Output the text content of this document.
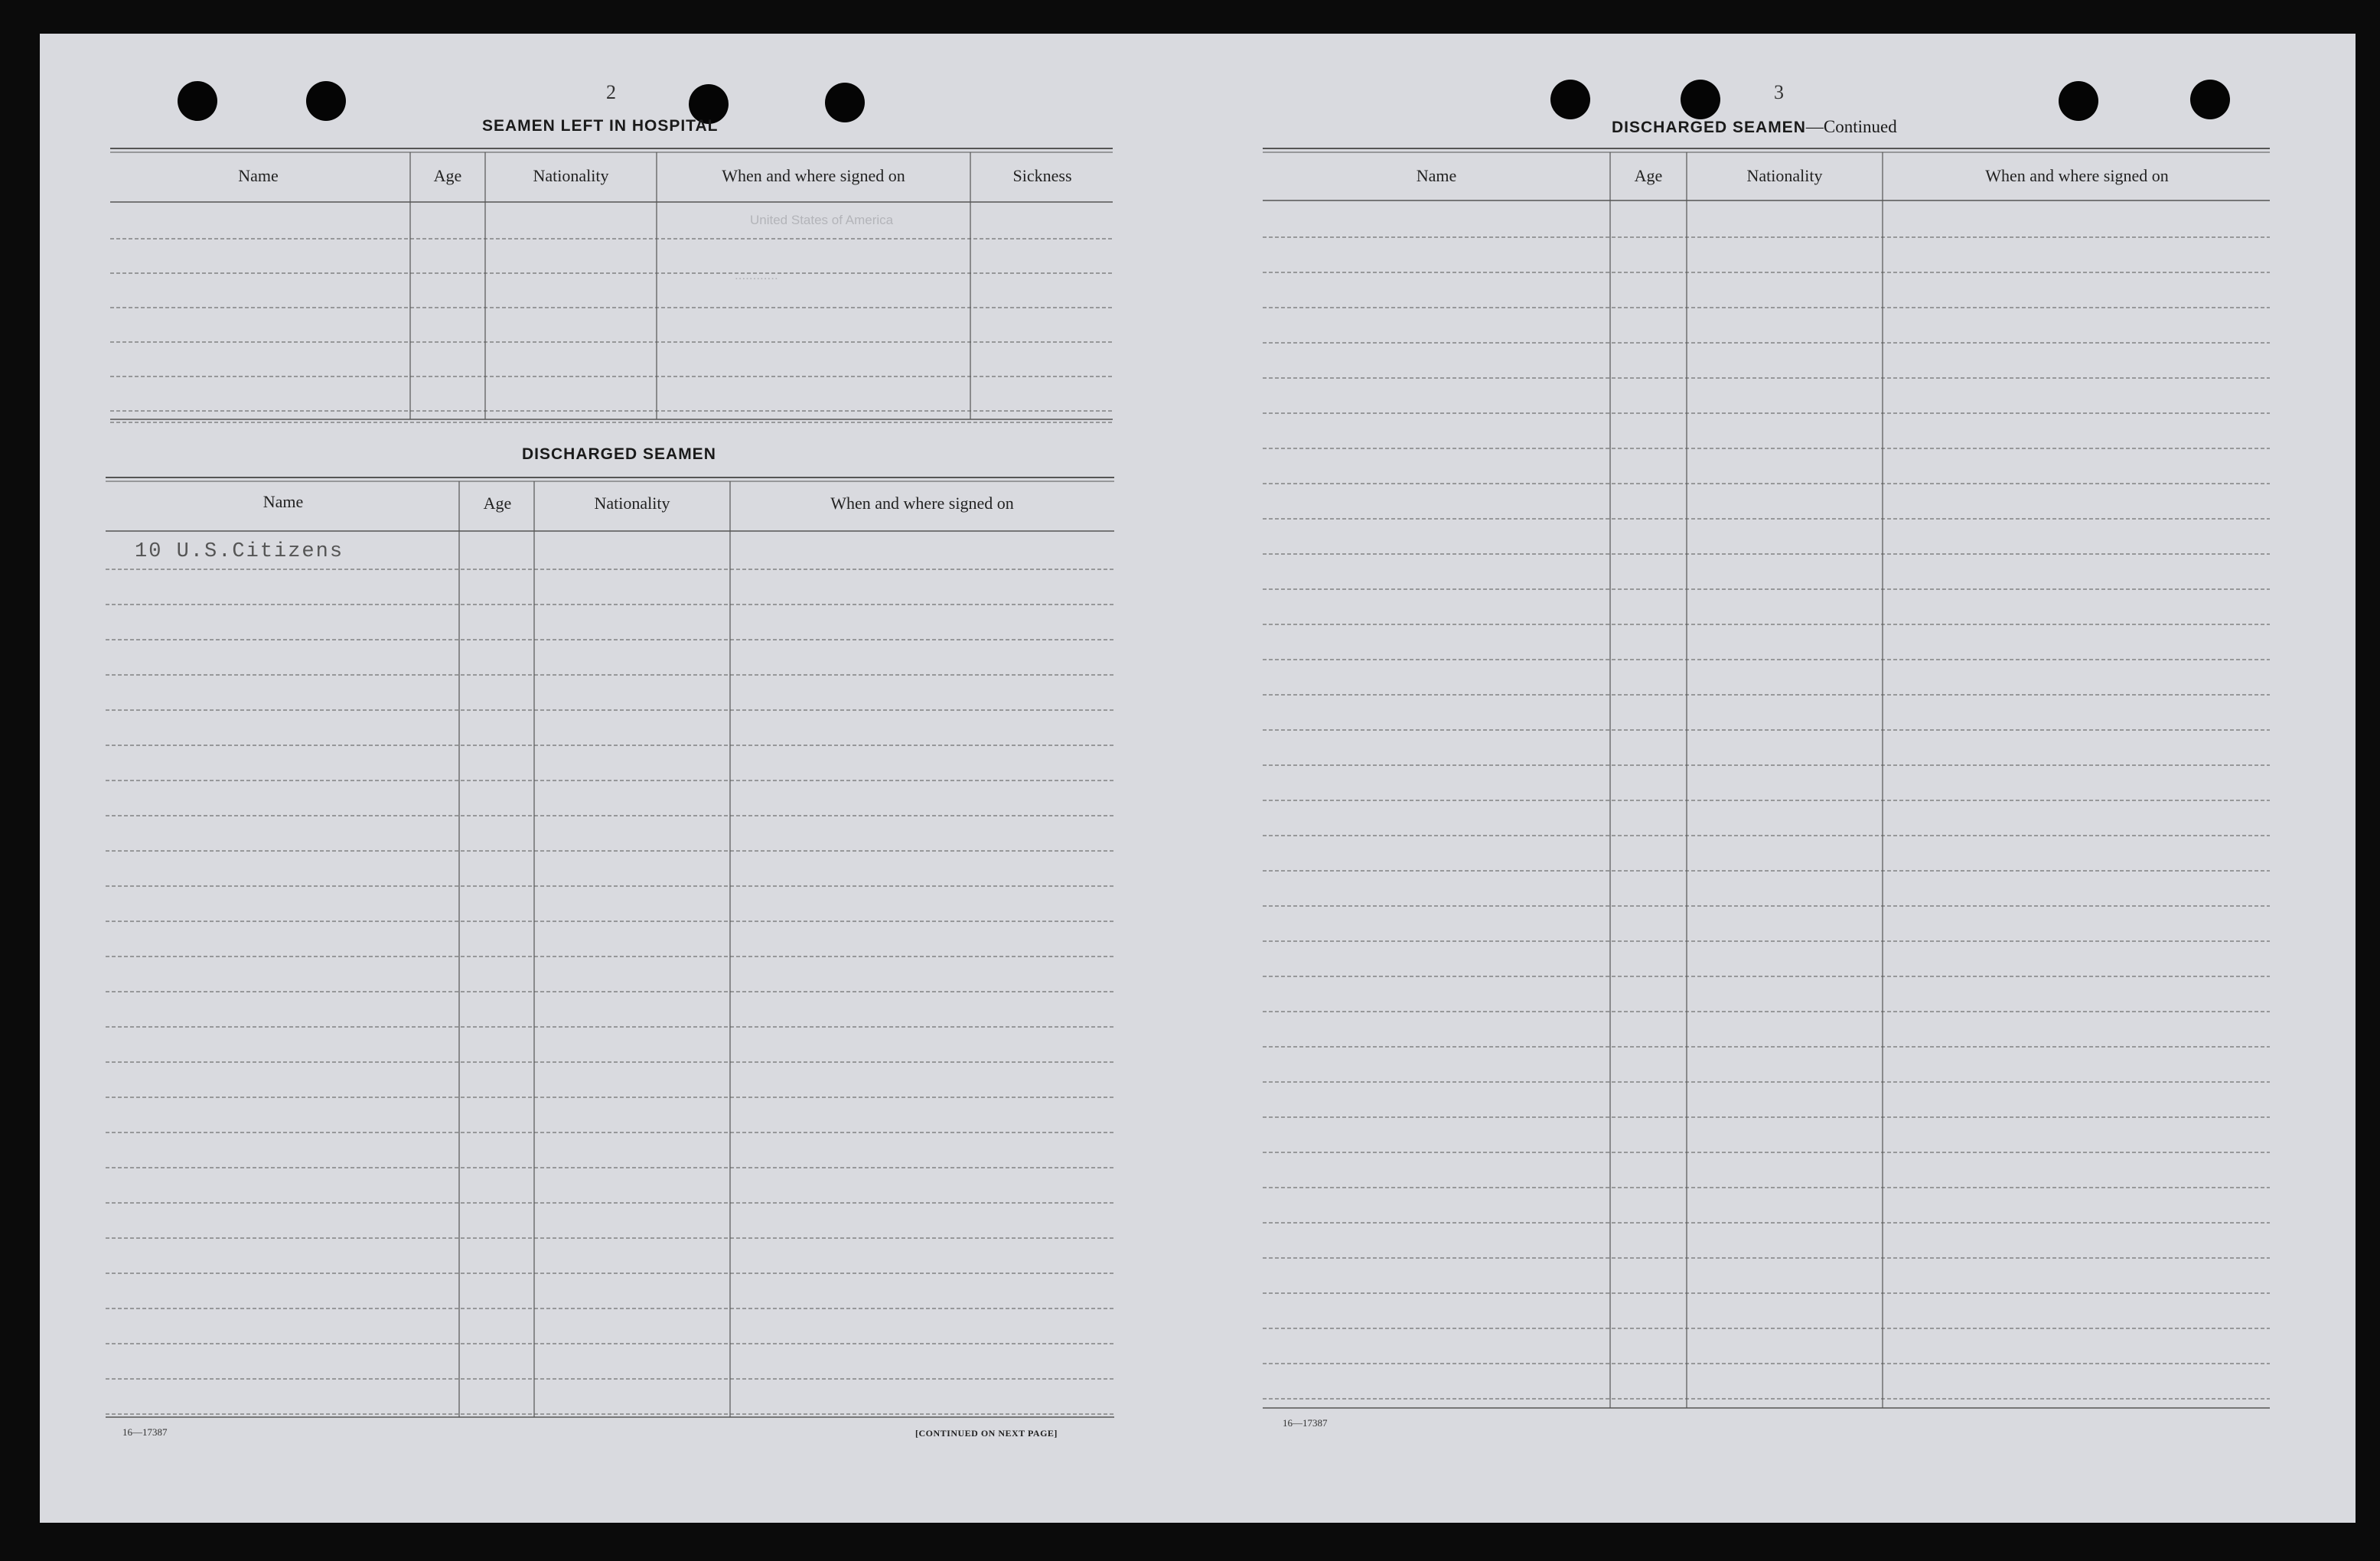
United States of America
............
2
SEAMEN LEFT IN HOSPITAL
Name	Age	Nationality	When and where signed on	Sickness
DISCHARGED SEAMEN
Name	Age	Nationality	When and where signed on
10 U.S.Citizens
16—17387	[CONTINUED ON NEXT PAGE]
3
DISCHARGED SEAMEN—Continued
Name	Age	Nationality	When and where signed on
16—17387
